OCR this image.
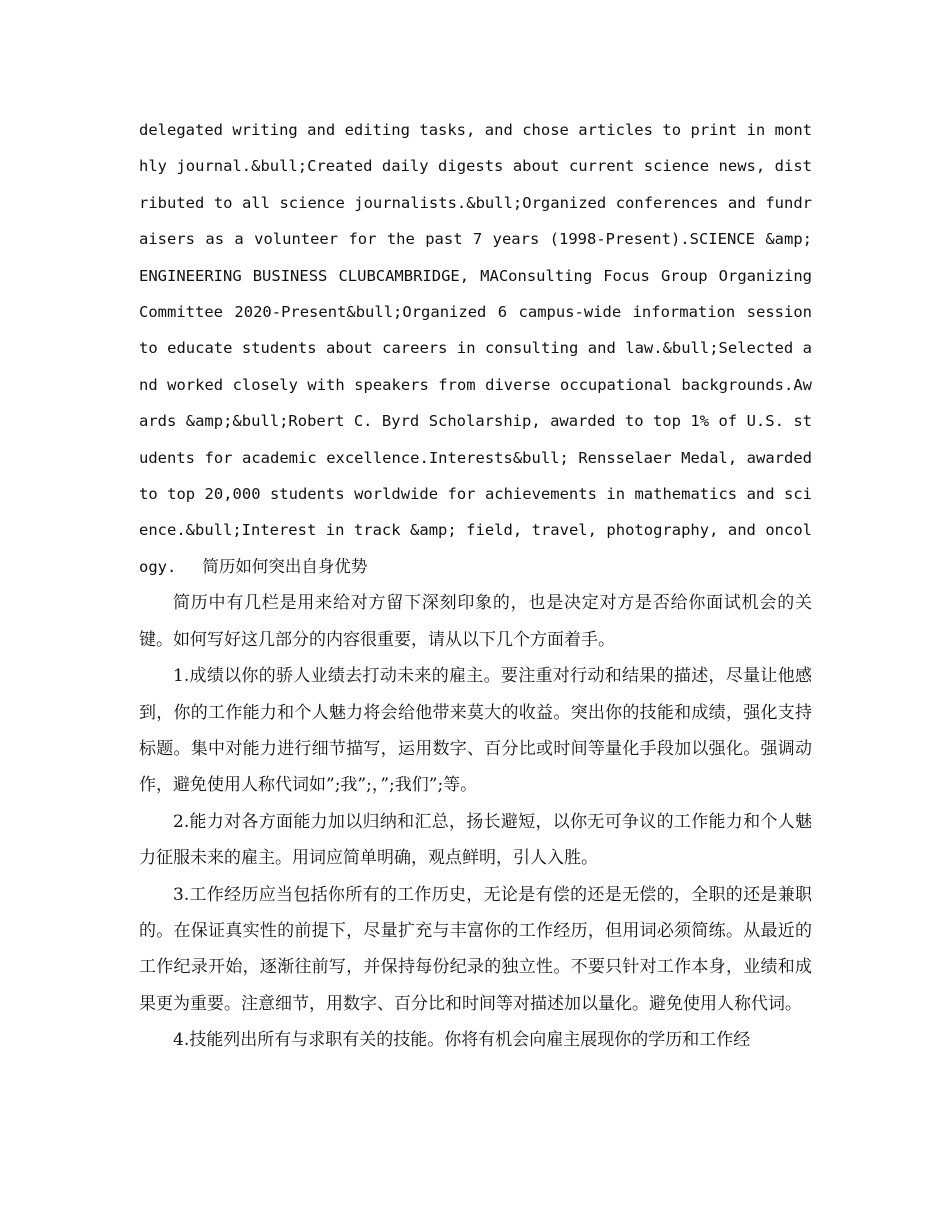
delegated writing and editing tasks, and chose articles to print in monthly journal.&bull;Created daily digests about current science news, distributed to all science journalists.&bull;Organized conferences and fundraisers as a volunteer for the past 7 years (1998-Present).SCIENCE &amp; ENGINEERING BUSINESS CLUBCAMBRIDGE, MAConsulting Focus Group Organizing Committee 2020-Present&bull;Organized 6 campus-wide information session to educate students about careers in consulting and law.&bull;Selected and worked closely with speakers from diverse occupational backgrounds.Awards &amp;&bull;Robert C. Byrd Scholarship, awarded to top 1% of U.S. students for academic excellence.Interests&bull; Rensselaer Medal, awarded to top 20,000 students worldwide for achievements in mathematics and science.&bull;Interest in track &amp; field, travel, photography, and oncology. 简历如何突出自身优势

简历中有几栏是用来给对方留下深刻印象的，也是决定对方是否给你面试机会的关键。如何写好这几部分的内容很重要，请从以下几个方面着手。

1.成绩以你的骄人业绩去打动未来的雇主。要注重对行动和结果的描述，尽量让他感到，你的工作能力和个人魅力将会给他带来莫大的收益。突出你的技能和成绩，强化支持标题。集中对能力进行细节描写，运用数字、百分比或时间等量化手段加以强化。强调动作，避免使用人称代词如”;我”;，”;我们”;等。

2.能力对各方面能力加以归纳和汇总，扬长避短，以你无可争议的工作能力和个人魅力征服未来的雇主。用词应简单明确，观点鲜明，引人入胜。

3.工作经历应当包括你所有的工作历史，无论是有偿的还是无偿的，全职的还是兼职的。在保证真实性的前提下，尽量扩充与丰富你的工作经历，但用词必须简练。从最近的工作纪录开始，逐渐往前写，并保持每份纪录的独立性。不要只针对工作本身，业绩和成果更为重要。注意细节，用数字、百分比和时间等对描述加以量化。避免使用人称代词。

4.技能列出所有与求职有关的技能。你将有机会向雇主展现你的学历和工作经
